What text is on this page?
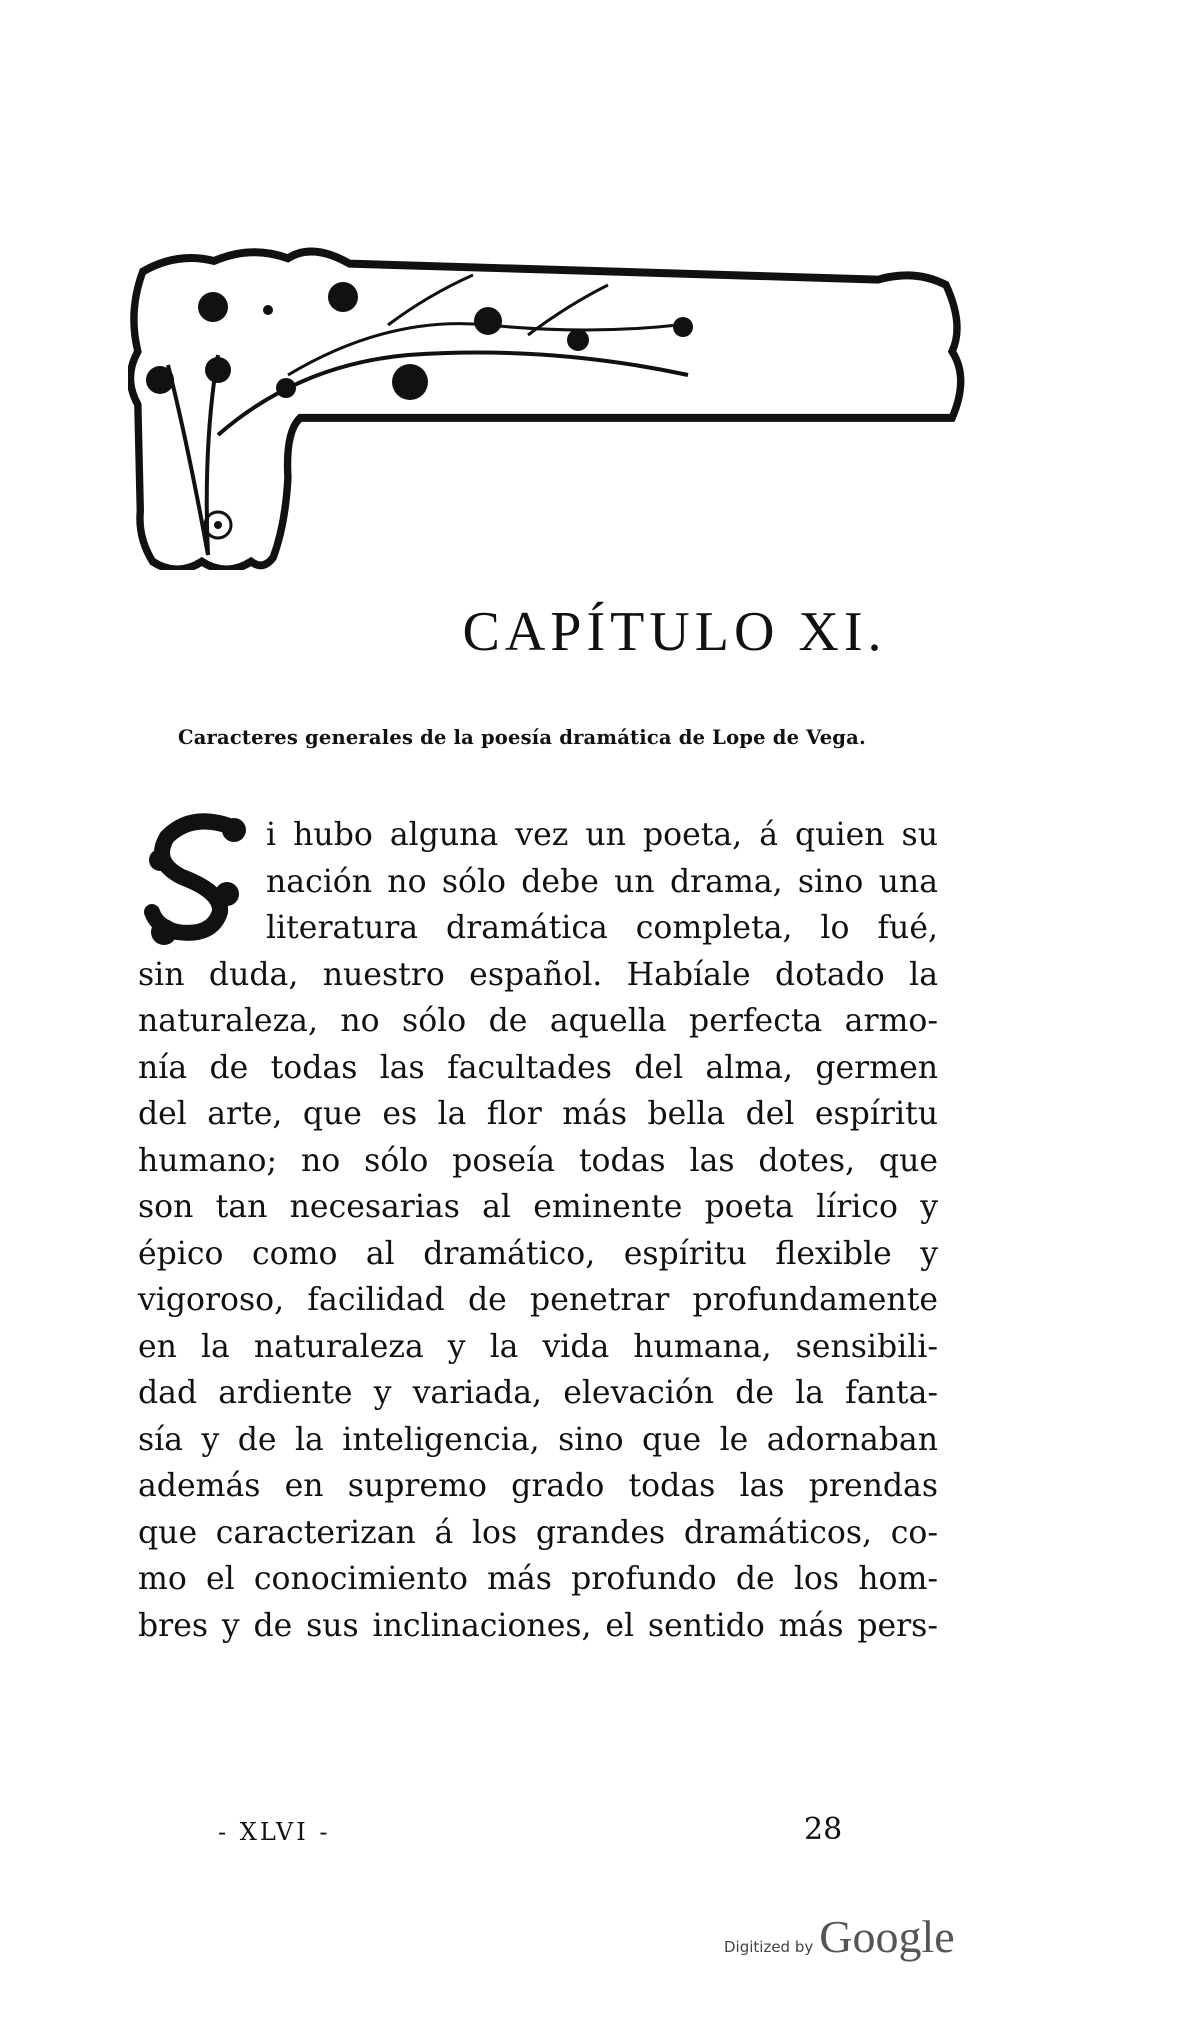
CAPÍTULO XI.
Caracteres generales de la poesía dramática de Lope de Vega.
i hubo alguna vez un poeta, á quien su
nación no sólo debe un drama, sino una
literatura dramática completa, lo fué,
sin duda, nuestro español. Habíale dotado la
naturaleza, no sólo de aquella perfecta armo-
nía de todas las facultades del alma, germen
del arte, que es la flor más bella del espíritu
humano; no sólo poseía todas las dotes, que
son tan necesarias al eminente poeta lírico y
épico como al dramático, espíritu flexible y
vigoroso, facilidad de penetrar profundamente
en la naturaleza y la vida humana, sensibili-
dad ardiente y variada, elevación de la fanta-
sía y de la inteligencia, sino que le adornaban
además en supremo grado todas las prendas
que caracterizan á los grandes dramáticos, co-
mo el conocimiento más profundo de los hom-
bres y de sus inclinaciones, el sentido más pers-
- XLVI -	28
Digitized by Google
